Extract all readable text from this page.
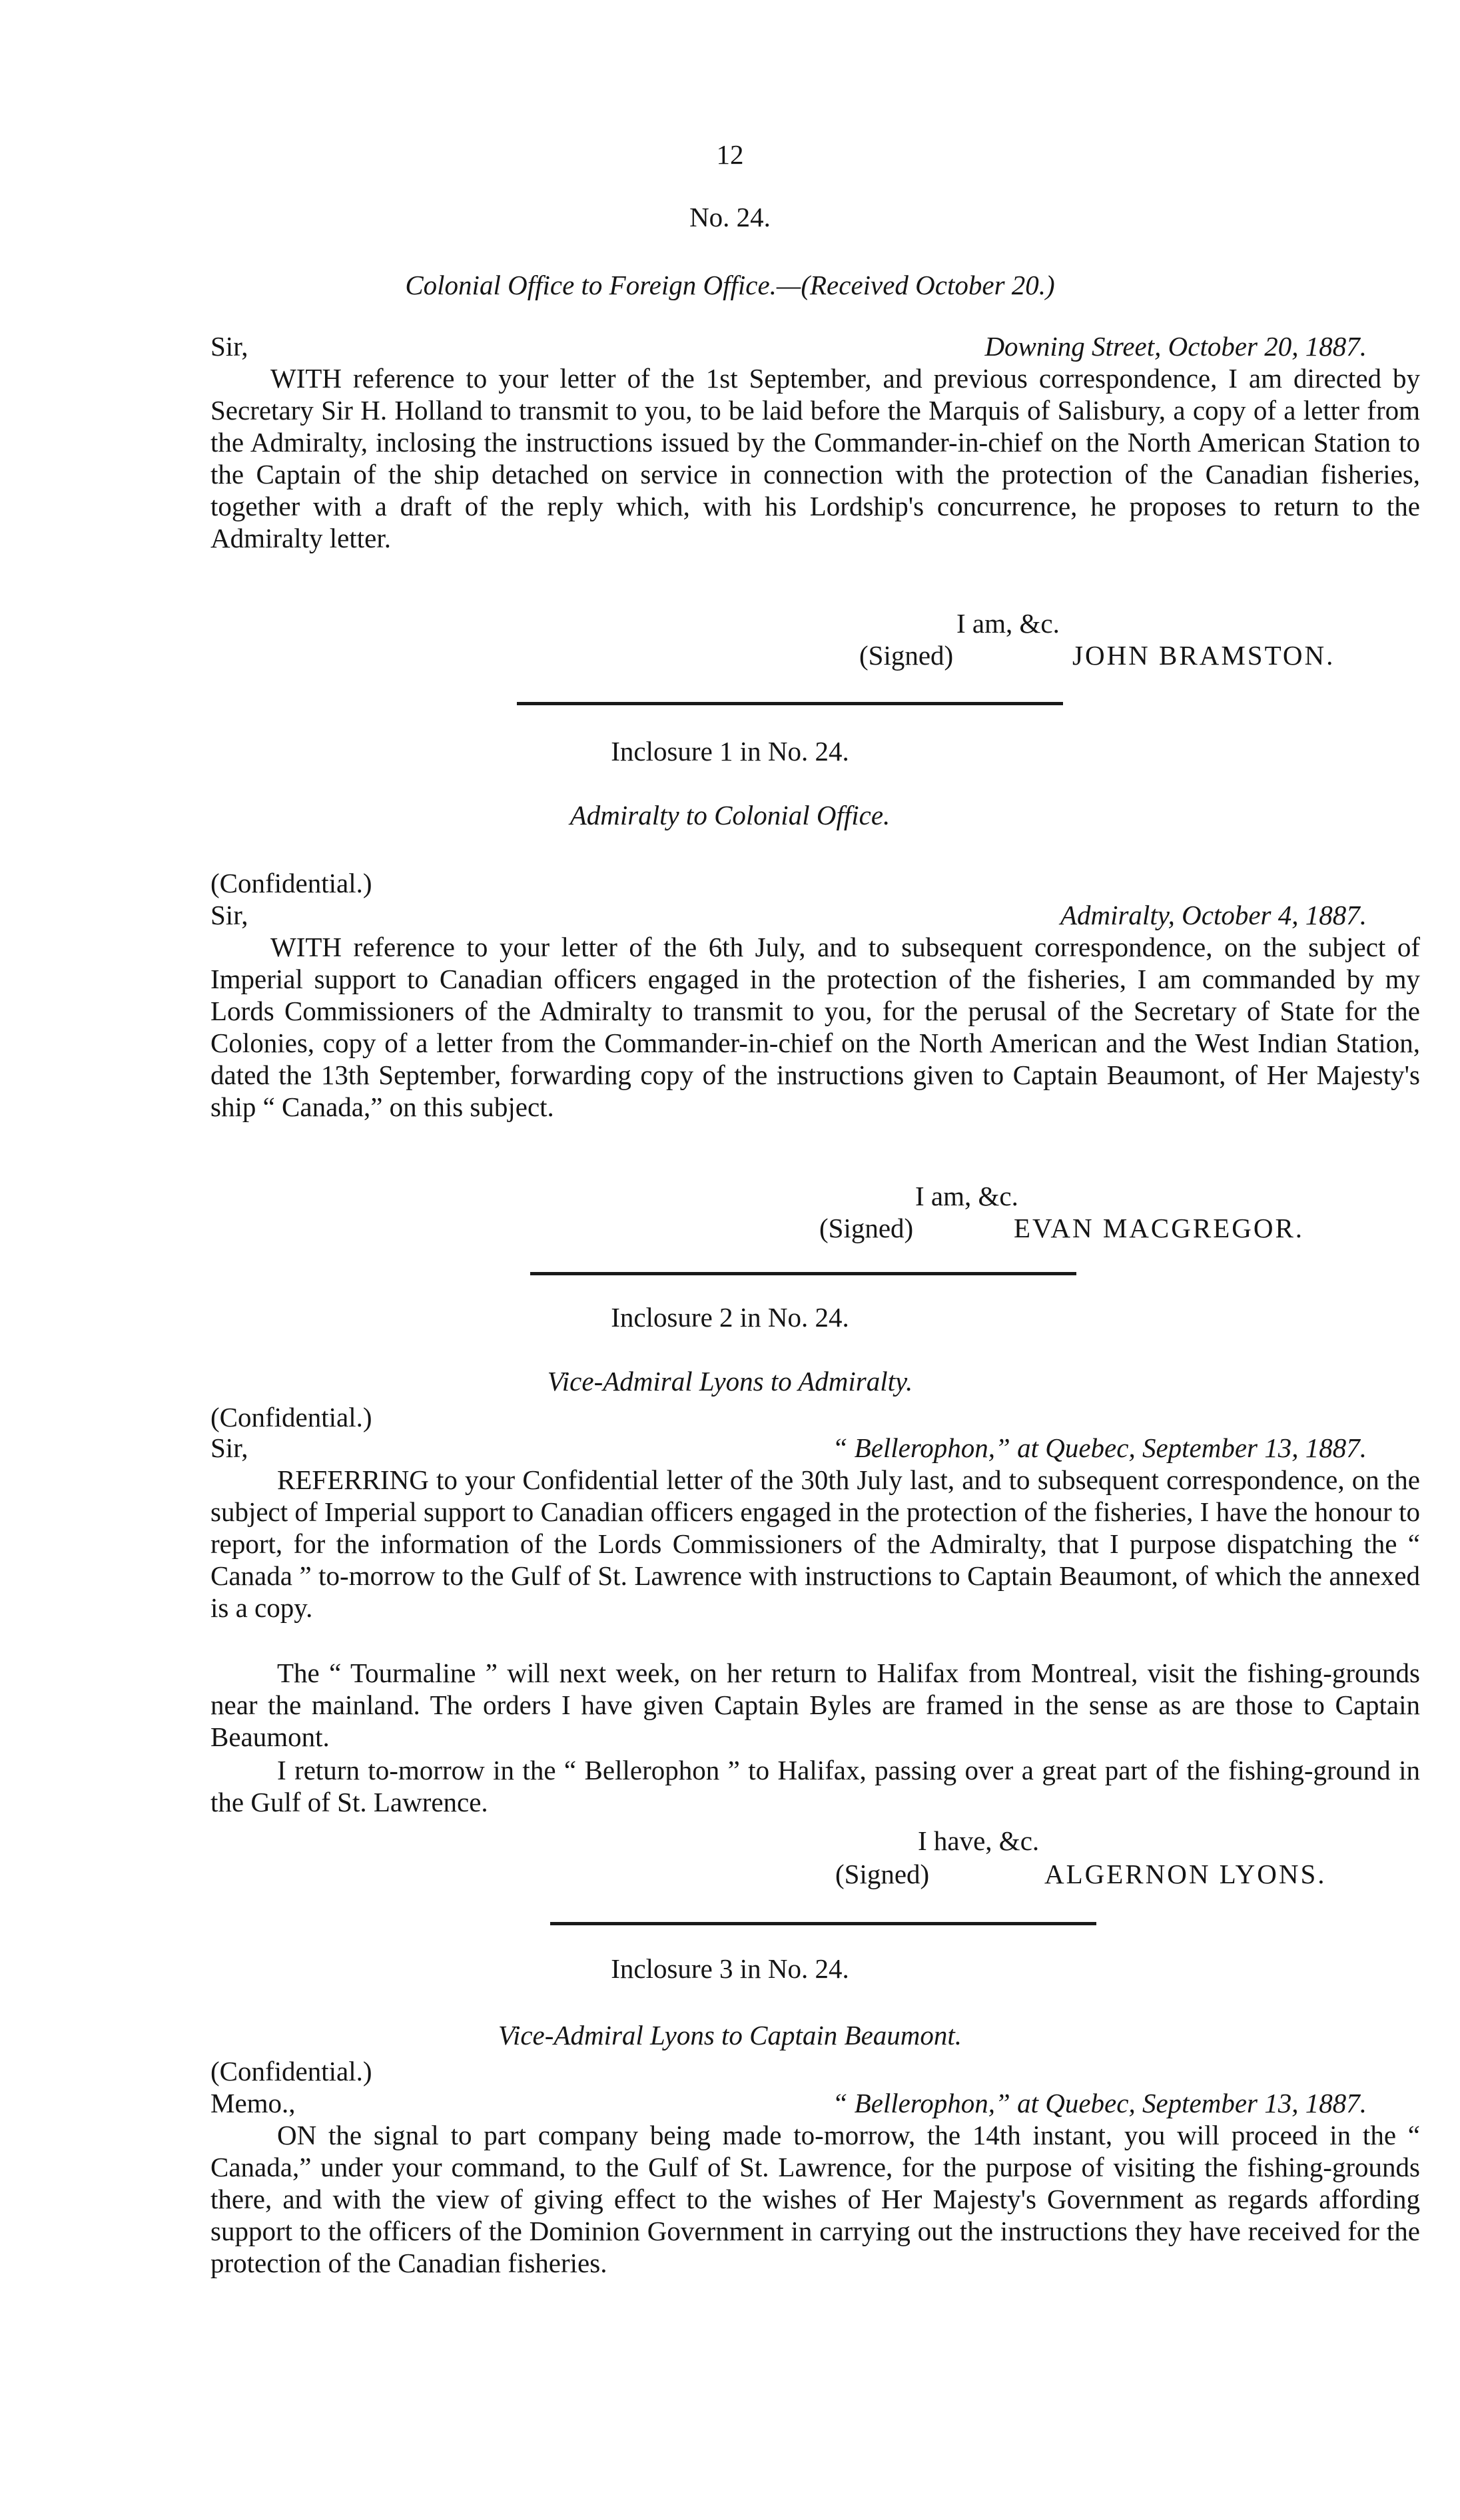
12

No. 24.

Colonial Office to Foreign Office.—(Received October 20.)

Sir,	Downing Street, October 20, 1887.

WITH reference to your letter of the 1st September, and previous correspondence, I am directed by Secretary Sir H. Holland to transmit to you, to be laid before the Marquis of Salisbury, a copy of a letter from the Admiralty, inclosing the instructions issued by the Commander-in-chief on the North American Station to the Captain of the ship detached on service in connection with the protection of the Canadian fisheries, together with a draft of the reply which, with his Lordship's concurrence, he proposes to return to the Admiralty letter.

I am, &c.

(Signed)	JOHN BRAMSTON.

Inclosure 1 in No. 24.

Admiralty to Colonial Office.

(Confidential.)

Sir,	Admiralty, October 4, 1887.

WITH reference to your letter of the 6th July, and to subsequent correspondence, on the subject of Imperial support to Canadian officers engaged in the protection of the fisheries, I am commanded by my Lords Commissioners of the Admiralty to transmit to you, for the perusal of the Secretary of State for the Colonies, copy of a letter from the Commander-in-chief on the North American and the West Indian Station, dated the 13th September, forwarding copy of the instructions given to Captain Beaumont, of Her Majesty's ship “ Canada,” on this subject.

I am, &c.

(Signed)	EVAN MACGREGOR.

Inclosure 2 in No. 24.

Vice-Admiral Lyons to Admiralty.

(Confidential.)

Sir,	“ Bellerophon,” at Quebec, September 13, 1887.

REFERRING to your Confidential letter of the 30th July last, and to subsequent correspondence, on the subject of Imperial support to Canadian officers engaged in the protection of the fisheries, I have the honour to report, for the information of the Lords Commissioners of the Admiralty, that I purpose dispatching the “ Canada ” to-morrow to the Gulf of St. Lawrence with instructions to Captain Beaumont, of which the annexed is a copy.

The “ Tourmaline ” will next week, on her return to Halifax from Montreal, visit the fishing-grounds near the mainland. The orders I have given Captain Byles are framed in the sense as are those to Captain Beaumont.

I return to-morrow in the “ Bellerophon ” to Halifax, passing over a great part of the fishing-ground in the Gulf of St. Lawrence.

I have, &c.

(Signed)	ALGERNON LYONS.

Inclosure 3 in No. 24.

Vice-Admiral Lyons to Captain Beaumont.

(Confidential.)

Memo.,	“ Bellerophon,” at Quebec, September 13, 1887.

ON the signal to part company being made to-morrow, the 14th instant, you will proceed in the “ Canada,” under your command, to the Gulf of St. Lawrence, for the purpose of visiting the fishing-grounds there, and with the view of giving effect to the wishes of Her Majesty's Government as regards affording support to the officers of the Dominion Government in carrying out the instructions they have received for the protection of the Canadian fisheries.
